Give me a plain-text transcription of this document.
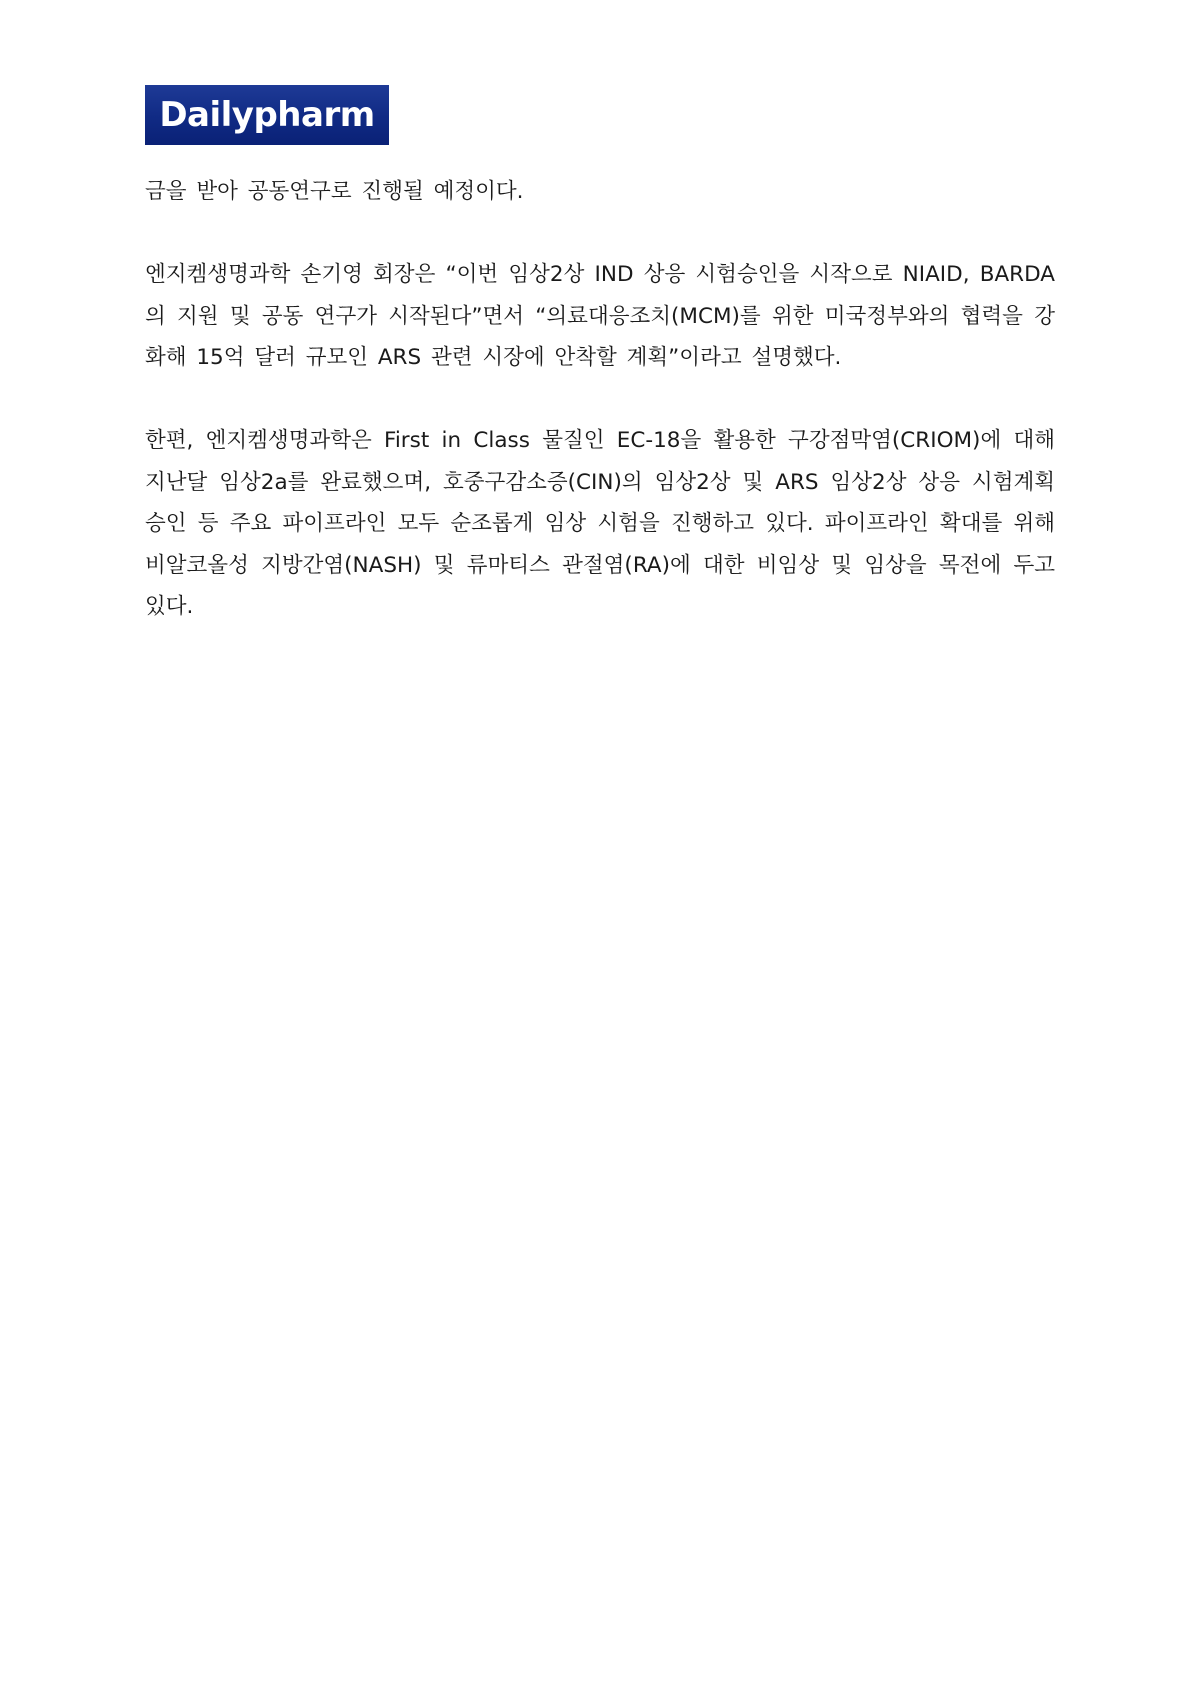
Dailypharm

금을 받아 공동연구로 진행될 예정이다.

엔지켐생명과학 손기영 회장은 “이번 임상2상 IND 상응 시험승인을 시작으로 NIAID, BARDA의 지원 및 공동 연구가 시작된다”면서 “의료대응조치(MCM)를 위한 미국정부와의 협력을 강화해 15억 달러 규모인 ARS 관련 시장에 안착할 계획”이라고 설명했다.

한편, 엔지켐생명과학은 First in Class 물질인 EC-18을 활용한 구강점막염(CRIOM)에 대해 지난달 임상2a를 완료했으며, 호중구감소증(CIN)의 임상2상 및 ARS 임상2상 상응 시험계획 승인 등 주요 파이프라인 모두 순조롭게 임상 시험을 진행하고 있다. 파이프라인 확대를 위해 비알코올성 지방간염(NASH) 및 류마티스 관절염(RA)에 대한 비임상 및 임상을 목전에 두고 있다.
